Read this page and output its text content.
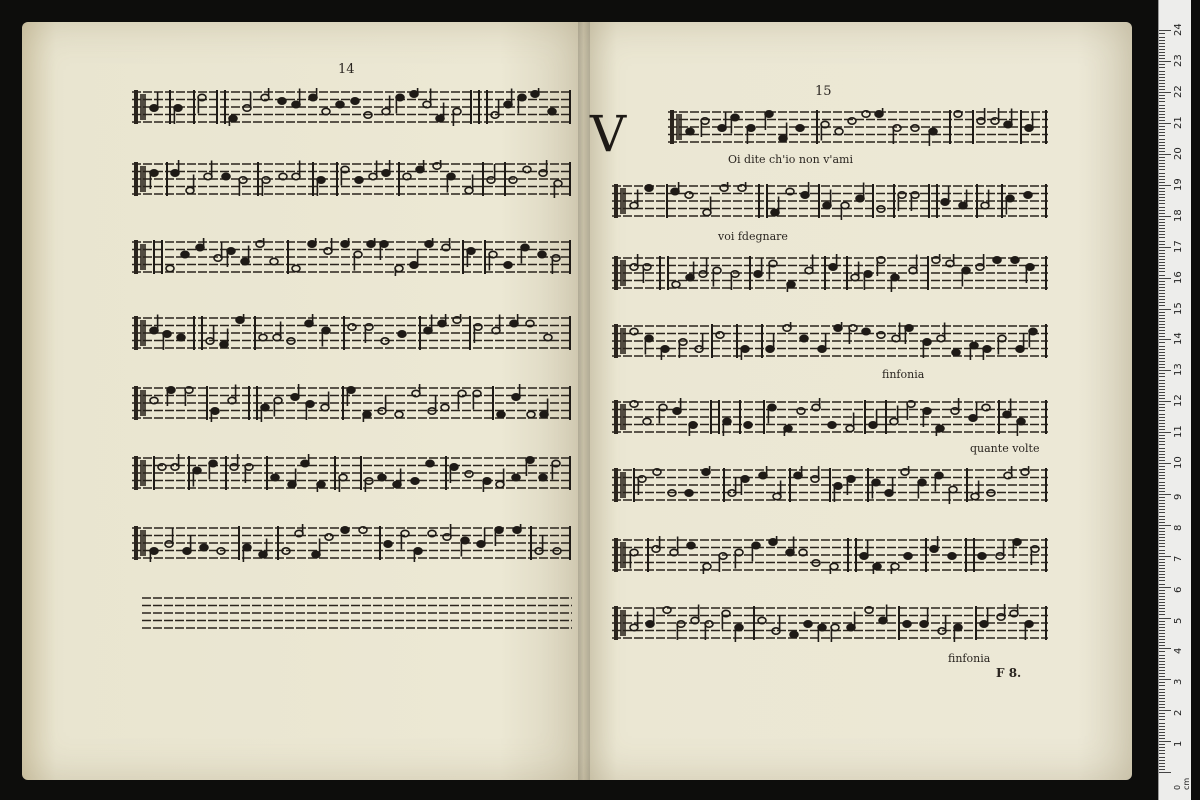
14
15
V	Oi dite ch'io non v'ami
voi fdegnare
finfonia
quante volte
finfonia
F 8.
0 cm
1
2
3
4
5
6
7
8
9
10
11
12
13
14
15
16
17
18
19
20
21
22
23
24
